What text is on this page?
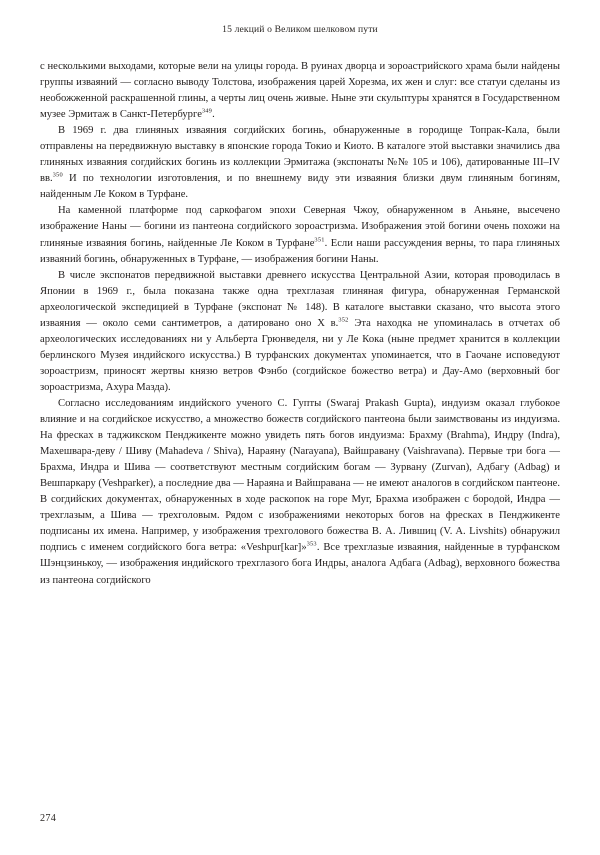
15 лекций о Великом шелковом пути

с несколькими выходами, которые вели на улицы города. В руинах дворца и зороастрийского храма были найдены группы изваяний — согласно выводу Толстова, изображения царей Хорезма, их жен и слуг: все статуи сделаны из необожженной раскрашенной глины, а черты лиц очень живые. Ныне эти скульптуры хранятся в Государственном музее Эрмитаж в Санкт-Петербурге$^{349}$.

В 1969 г. два глиняных изваяния согдийских богинь, обнаруженные в городище Топрак-Кала, были отправлены на передвижную выставку в японские города Токио и Киото. В каталоге этой выставки значились два глиняных изваяния согдийских богинь из коллекции Эрмитажа (экспонаты №№ 105 и 106), датированные III–IV вв.$^{350}$ И по технологии изготовления, и по внешнему виду эти изваяния близки двум глиняным богиням, найденным Ле Коком в Турфане.

На каменной платформе под саркофагом эпохи Северная Чжоу, обнаруженном в Аньяне, высечено изображение Наны — богини из пантеона согдийского зороастризма. Изображения этой богини очень похожи на глиняные изваяния богинь, найденные Ле Коком в Турфане$^{351}$. Если наши рассуждения верны, то пара глиняных изваяний богинь, обнаруженных в Турфане, — изображения богини Наны.

В числе экспонатов передвижной выставки древнего искусства Центральной Азии, которая проводилась в Японии в 1969 г., была показана также одна трехглазая глиняная фигура, обнаруженная Германской археологической экспедицией в Турфане (экспонат № 148). В каталоге выставки сказано, что высота этого изваяния — около семи сантиметров, а датировано оно X в.$^{352}$ Эта находка не упоминалась в отчетах об археологических исследованиях ни у Альберта Грюнведеля, ни у Ле Кока (ныне предмет хранится в коллекции берлинского Музея индийского искусства.) В турфанских документах упоминается, что в Гаочане исповедуют зороастризм, приносят жертвы князю ветров Фэнбо (согдийское божество ветра) и Дау-Амо (верховный бог зороастризма, Ахура Мазда).

Согласно исследованиям индийского ученого С. Гупты (Swaraj Prakash Gupta), индуизм оказал глубокое влияние и на согдийское искусство, а множество божеств согдийского пантеона были заимствованы из индуизма. На фресках в таджикском Пенджикенте можно увидеть пять богов индуизма: Брахму (Brahma), Индру (Indra), Махешвара-деву / Шиву (Mahadeva / Shiva), Нараяну (Narayana), Вайшравану (Vaishravana). Первые три бога — Брахма, Индра и Шива — соответствуют местным согдийским богам — Зурвану (Zurvan), Адбагу (Adbag) и Вешпаркару (Veshparker), а последние два — Нараяна и Вайшравана — не имеют аналогов в согдийском пантеоне. В согдийских документах, обнаруженных в ходе раскопок на горе Муг, Брахма изображен с бородой, Индра — трехглазым, а Шива — трехголовым. Рядом с изображениями некоторых богов на фресках в Пенджикенте подписаны их имена. Например, у изображения трехголового божества В. А. Лившиц (V. A. Livshits) обнаружил подпись с именем согдийского бога ветра: «Veshpur[kar]»$^{353}$. Все трехглазые изваяния, найденные в турфанском Шэнцзинькоу, — изображения индийского трехглазого бога Индры, аналога Адбага (Adbag), верховного божества из пантеона согдийского

274
